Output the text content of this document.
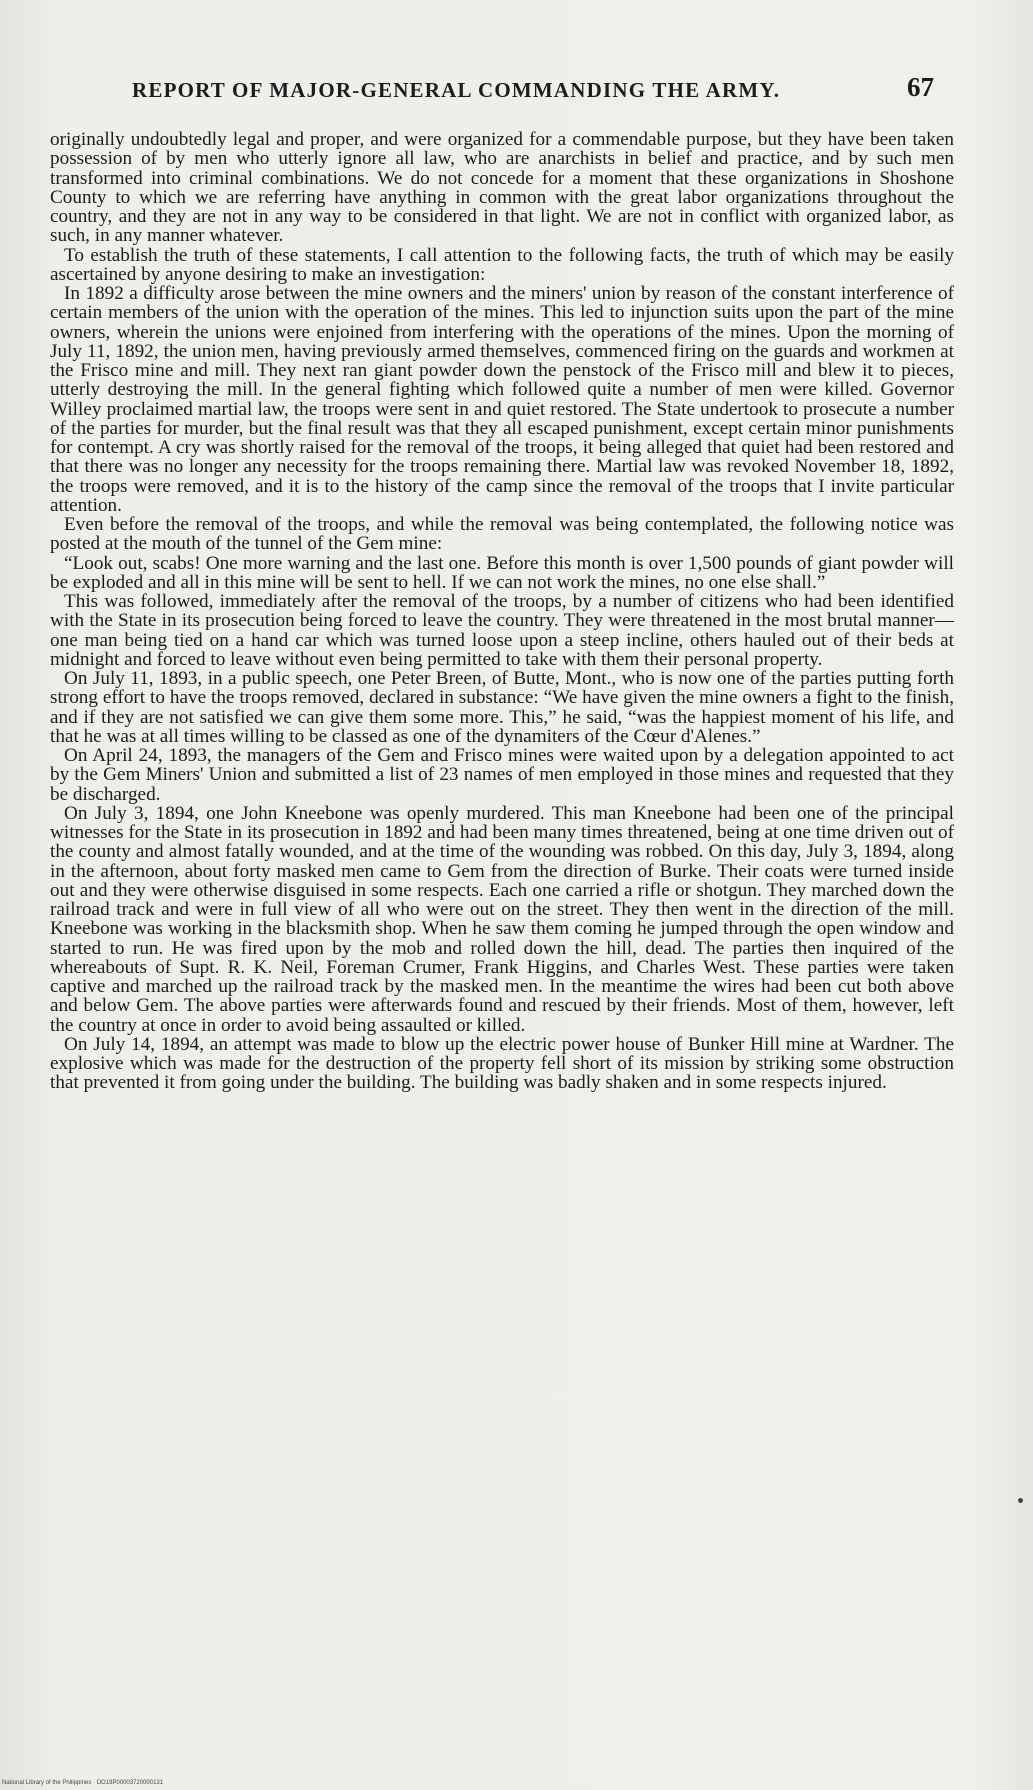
REPORT OF MAJOR-GENERAL COMMANDING THE ARMY.	67

originally undoubtedly legal and proper, and were organized for a commendable purpose, but they have been taken possession of by men who utterly ignore all law, who are anarchists in belief and practice, and by such men transformed into criminal combinations. We do not concede for a moment that these organizations in Shoshone County to which we are referring have anything in common with the great labor organizations throughout the country, and they are not in any way to be considered in that light. We are not in conflict with organized labor, as such, in any manner whatever.

To establish the truth of these statements, I call attention to the following facts, the truth of which may be easily ascertained by anyone desiring to make an investigation:

In 1892 a difficulty arose between the mine owners and the miners' union by reason of the constant interference of certain members of the union with the operation of the mines. This led to injunction suits upon the part of the mine owners, wherein the unions were enjoined from interfering with the operations of the mines. Upon the morning of July 11, 1892, the union men, having previously armed themselves, commenced firing on the guards and workmen at the Frisco mine and mill. They next ran giant powder down the penstock of the Frisco mill and blew it to pieces, utterly destroying the mill. In the general fighting which followed quite a number of men were killed. Governor Willey proclaimed martial law, the troops were sent in and quiet restored. The State undertook to prosecute a number of the parties for murder, but the final result was that they all escaped punishment, except certain minor punishments for contempt. A cry was shortly raised for the removal of the troops, it being alleged that quiet had been restored and that there was no longer any necessity for the troops remaining there. Martial law was revoked November 18, 1892, the troops were removed, and it is to the history of the camp since the removal of the troops that I invite particular attention.

Even before the removal of the troops, and while the removal was being contemplated, the following notice was posted at the mouth of the tunnel of the Gem mine:

“Look out, scabs! One more warning and the last one. Before this month is over 1,500 pounds of giant powder will be exploded and all in this mine will be sent to hell. If we can not work the mines, no one else shall.”

This was followed, immediately after the removal of the troops, by a number of citizens who had been identified with the State in its prosecution being forced to leave the country. They were threatened in the most brutal manner—one man being tied on a hand car which was turned loose upon a steep incline, others hauled out of their beds at midnight and forced to leave without even being permitted to take with them their personal property.

On July 11, 1893, in a public speech, one Peter Breen, of Butte, Mont., who is now one of the parties putting forth strong effort to have the troops removed, declared in substance: “We have given the mine owners a fight to the finish, and if they are not satisfied we can give them some more. This,” he said, “was the happiest moment of his life, and that he was at all times willing to be classed as one of the dynamiters of the Cœur d'Alenes.”

On April 24, 1893, the managers of the Gem and Frisco mines were waited upon by a delegation appointed to act by the Gem Miners' Union and submitted a list of 23 names of men employed in those mines and requested that they be discharged.

On July 3, 1894, one John Kneebone was openly murdered. This man Kneebone had been one of the principal witnesses for the State in its prosecution in 1892 and had been many times threatened, being at one time driven out of the county and almost fatally wounded, and at the time of the wounding was robbed. On this day, July 3, 1894, along in the afternoon, about forty masked men came to Gem from the direction of Burke. Their coats were turned inside out and they were otherwise disguised in some respects. Each one carried a rifle or shotgun. They marched down the railroad track and were in full view of all who were out on the street. They then went in the direction of the mill. Kneebone was working in the blacksmith shop. When he saw them coming he jumped through the open window and started to run. He was fired upon by the mob and rolled down the hill, dead. The parties then inquired of the whereabouts of Supt. R. K. Neil, Foreman Crumer, Frank Higgins, and Charles West. These parties were taken captive and marched up the railroad track by the masked men. In the meantime the wires had been cut both above and below Gem. The above parties were afterwards found and rescued by their friends. Most of them, however, left the country at once in order to avoid being assaulted or killed.

On July 14, 1894, an attempt was made to blow up the electric power house of Bunker Hill mine at Wardner. The explosive which was made for the destruction of the property fell short of its mission by striking some obstruction that prevented it from going under the building. The building was badly shaken and in some respects injured.

National Library of the Philippines · DO19P00003720000131
